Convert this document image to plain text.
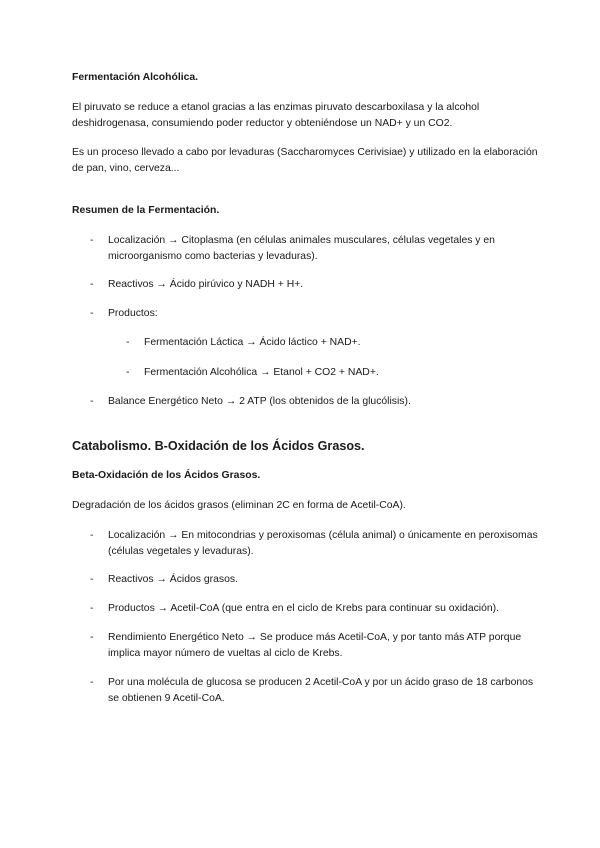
Fermentación Alcohólica.

El piruvato se reduce a etanol gracias a las enzimas piruvato descarboxilasa y la alcohol deshidrogenasa, consumiendo poder reductor y obteniéndose un NAD+ y un CO2.

Es un proceso llevado a cabo por levaduras (Saccharomyces Cerivisiae) y utilizado en la elaboración de pan, vino, cerveza...

Resumen de la Fermentación.

- Localización → Citoplasma (en células animales musculares, células vegetales y en microorganismo como bacterias y levaduras).
- Reactivos → Ácido pirúvico y NADH + H+.
- Productos:
- Fermentación Láctica → Ácido láctico + NAD+.
- Fermentación Alcohólica → Etanol + CO2 + NAD+.
- Balance Energético Neto → 2 ATP (los obtenidos de la glucólisis).

Catabolismo. B-Oxidación de los Ácidos Grasos.

Beta-Oxidación de los Ácidos Grasos.

Degradación de los ácidos grasos (eliminan 2C en forma de Acetil-CoA).

- Localización → En mitocondrias y peroxisomas (célula animal) o únicamente en peroxisomas (células vegetales y levaduras).
- Reactivos → Ácidos grasos.
- Productos → Acetil-CoA (que entra en el ciclo de Krebs para continuar su oxidación).
- Rendimiento Energético Neto → Se produce más Acetil-CoA, y por tanto más ATP porque implica mayor número de vueltas al ciclo de Krebs.
- Por una molécula de glucosa se producen 2 Acetil-CoA y por un ácido graso de 18 carbonos se obtienen 9 Acetil-CoA.
